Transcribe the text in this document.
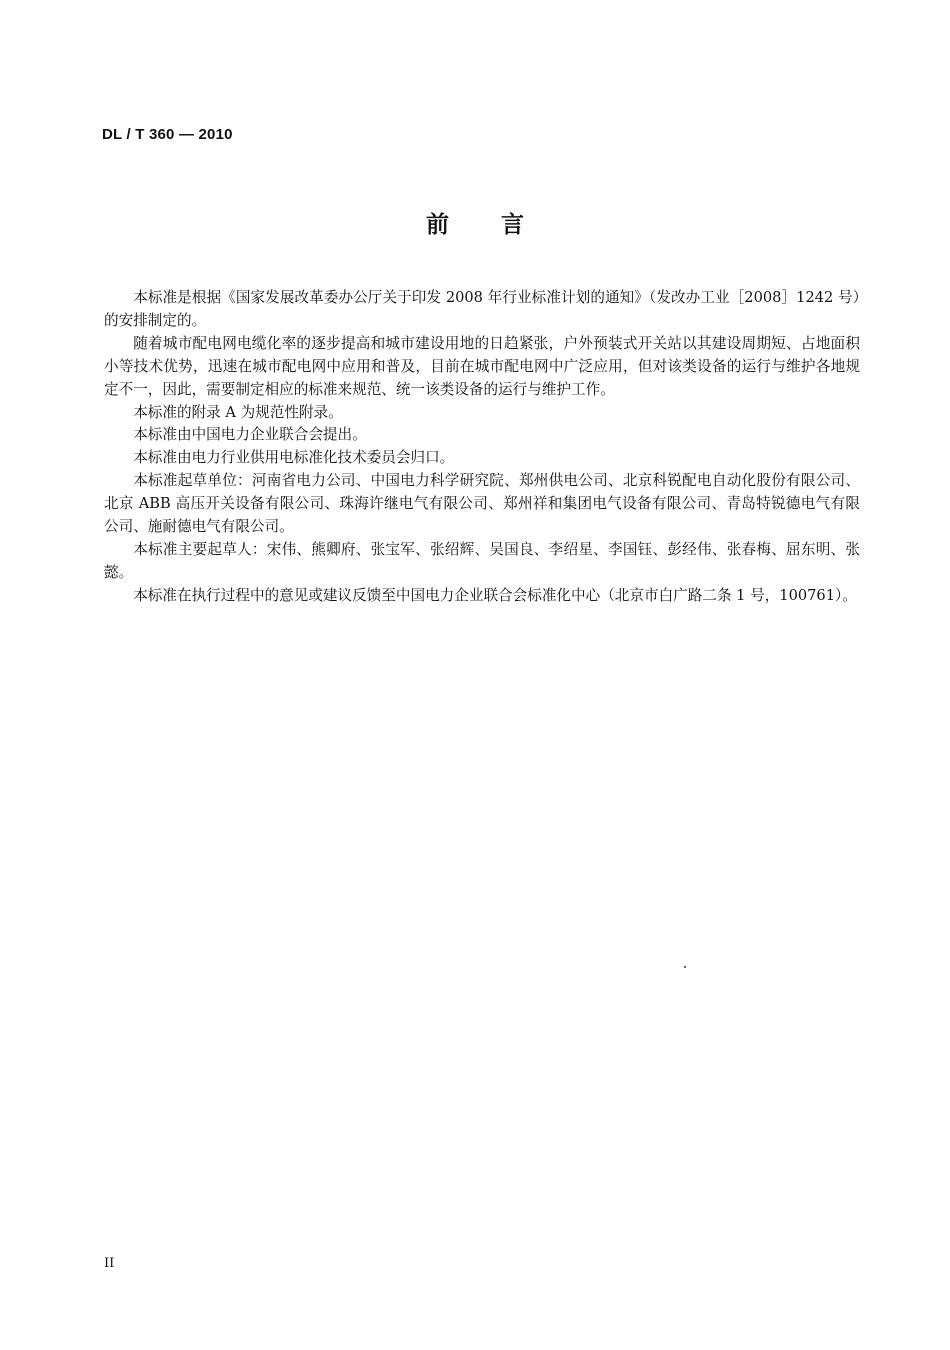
DL / T 360 — 2010
前言

本标准是根据《国家发展改革委办公厅关于印发 2008 年行业标准计划的通知》（发改办工业［2008］1242 号）的安排制定的。

随着城市配电网电缆化率的逐步提高和城市建设用地的日趋紧张，户外预装式开关站以其建设周期短、占地面积小等技术优势，迅速在城市配电网中应用和普及，目前在城市配电网中广泛应用，但对该类设备的运行与维护各地规定不一，因此，需要制定相应的标准来规范、统一该类设备的运行与维护工作。

本标准的附录 A 为规范性附录。

本标准由中国电力企业联合会提出。

本标准由电力行业供用电标准化技术委员会归口。

本标准起草单位：河南省电力公司、中国电力科学研究院、郑州供电公司、北京科锐配电自动化股份有限公司、北京 ABB 高压开关设备有限公司、珠海许继电气有限公司、郑州祥和集团电气设备有限公司、青岛特锐德电气有限公司、施耐德电气有限公司。

本标准主要起草人：宋伟、熊卿府、张宝军、张绍辉、吴国良、李绍星、李国钰、彭经伟、张春梅、屈东明、张懿。

本标准在执行过程中的意见或建议反馈至中国电力企业联合会标准化中心（北京市白广路二条 1 号，100761）。

II
